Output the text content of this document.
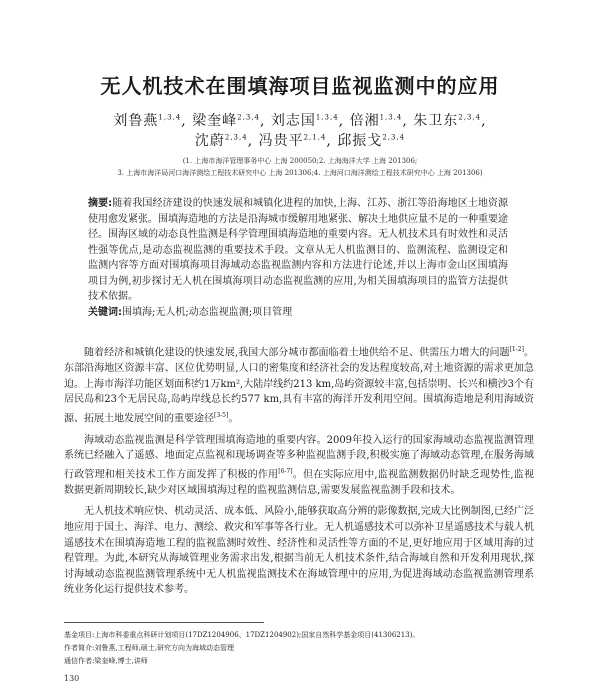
无人机技术在围填海项目监视监测中的应用
刘鲁燕$^{1,3,4}$, 梁奎峰$^{2,3,4}$, 刘志国$^{1,3,4}$, 倍湘$^{1,3,4}$, 朱卫东$^{2,3,4}$,
沈蔚$^{2,3,4}$, 冯贵平$^{2,1,4}$, 邱振戈$^{2,3,4}$
(1. 上海市海洋管理事务中心 上海 200050;2. 上海海洋大学 上海 201306;
3. 上海市海洋局河口海洋测绘工程技术研究中心 上海 201306;4. 上海河口海洋测绘工程技术研究中心 上海 201306)
摘要:随着我国经济建设的快速发展和城镇化进程的加快,上海、江苏、浙江等沿海地区土地资源使用愈发紧张。围填海造地的方法是沿海城市缓解用地紧张、解决土地供应量不足的一种重要途径。围海区域的动态良性监测是科学管理围填海造地的重要内容。无人机技术具有时效性和灵活性强等优点,是动态监视监测的重要技术手段。文章从无人机监测目的、监测流程、监测设定和监测内容等方面对围填海项目海域动态监视监测内容和方法进行论述,并以上海市金山区围填海项目为例,初步探讨无人机在围填海项目动态监视监测的应用,为相关围填海项目的监管方法提供技术依据。
关键词:围填海;无人机;动态监视监测;项目管理

随着经济和城镇化建设的快速发展,我国大部分城市都面临着土地供给不足、供需压力增大的问题[1-2]。东部沿海地区资源丰富、区位优势明显,人口的密集度和经济社会的发达程度较高,对土地资源的需求更加急迫。上海市海洋功能区划面积约1万km²,大陆岸线约213 km,岛屿资源较丰富,包括崇明、长兴和横沙3个有居民岛和23个无居民岛,岛屿岸线总长约577 km,具有丰富的海洋开发利用空间。围填海造地是利用海域资源、拓展土地发展空间的重要途径[3-5]。

海域动态监视监测是科学管理围填海造地的重要内容。2009年投入运行的国家海域动态监视监测管理系统已经融入了遥感、地面定点监视和现场调查等多种监视监测手段,积极实施了海域动态管理,在服务海域行政管理和相关技术工作方面发挥了积极的作用[6-7]。但在实际应用中,监视监测数据仍时缺乏现势性,监视数据更新周期较长,缺少对区域围填海过程的监视监测信息,需要发展监视监测手段和技术。

无人机技术响应快、机动灵活、成本低、风险小,能够获取高分辨的影像数据,完成大比例制图,已经广泛地应用于国土、海洋、电力、测绘、救灾和军事等各行业。无人机遥感技术可以弥补卫星遥感技术与载人机遥感技术在围填海造地工程的监视监测时效性、经济性和灵活性等方面的不足,更好地应用于区域用海的过程管理。为此,本研究从海域管理业务需求出发,根据当前无人机技术条件,结合海域自然和开发利用现状,探讨海域动态监视监测管理系统中无人机监视监测技术在海域管理中的应用,为促进海域动态监视监测管理系统业务化运行提供技术参考。

基金项目:上海市科委重点科研计划项目(17DZ1204906、17DZ1204902);国家自然科学基金项目(41306213)。
作者简介:刘鲁燕,工程师,硕士,研究方向为海域动态管理
通信作者:梁奎峰,博士,讲师
130
